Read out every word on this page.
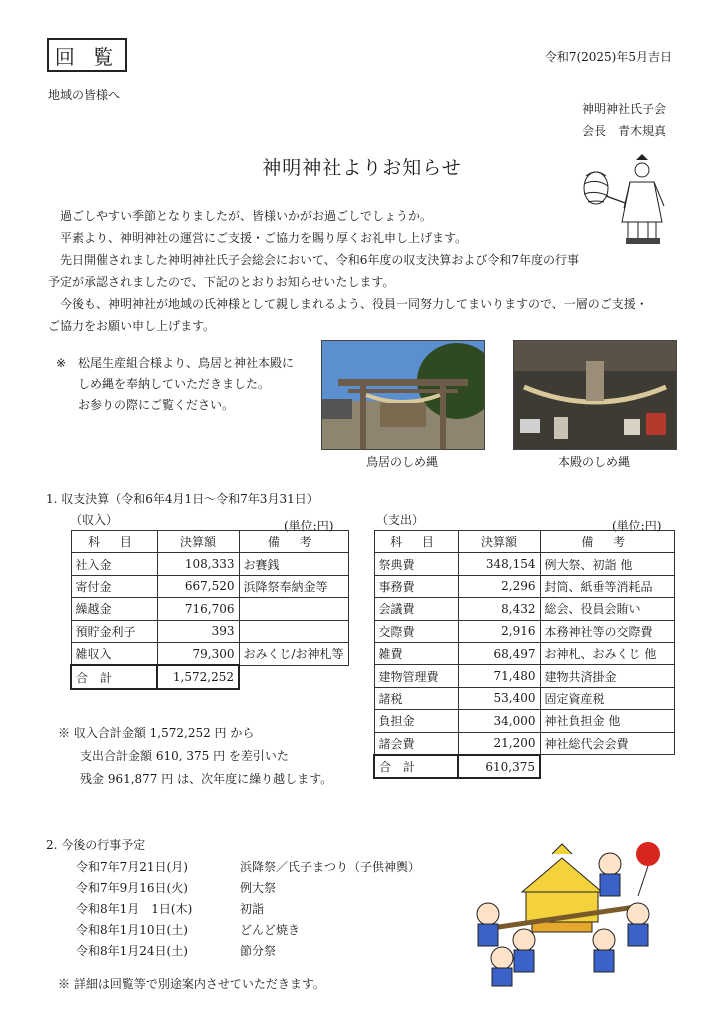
回 覧	令和7(2025)年5月吉日
地域の皆様へ
神明神社氏子会
会長　青木規真
神明神社よりお知らせ

　過ごしやすい季節となりましたが、皆様いかがお過ごしでしょうか。

　平素より、神明神社の運営にご支援・ご協力を賜り厚くお礼申し上げます。

　先日開催されました神明神社氏子会総会において、令和6年度の収支決算および令和7年度の行事

予定が承認されましたので、下記のとおりお知らせいたします。

　今後も、神明神社が地域の氏神様として親しまれるよう、役員一同努力してまいりますので、一層のご支援・

ご協力をお願い申し上げます。

※ 松尾生産組合様より、鳥居と神社本殿に
しめ縄を奉納していただきました。
お参りの際にご覧ください。
鳥居のしめ縄	本殿のしめ縄
1. 収支決算（令和6年4月1日～令和7年3月31日）
（収入）	(単位:円)
科 目	決算額	備 考
社入金	108,333	お賽銭
寄付金	667,520	浜降祭奉納金等
繰越金	716,706	
預貯金利子	393	
雑収入	79,300	おみくじ/お神札等
合　計	1,572,252	
（支出）	(単位:円)
科 目	決算額	備 考
祭典費	348,154	例大祭、初詣 他
事務費	2,296	封筒、紙垂等消耗品
会議費	8,432	総会、役員会賄い
交際費	2,916	本務神社等の交際費
雑費	68,497	お神札、おみくじ 他
建物管理費	71,480	建物共済掛金
諸税	53,400	固定資産税
負担金	34,000	神社負担金 他
諸会費	21,200	神社総代会会費
合　計	610,375	
※ 収入合計金額 1,572,252 円 から
支出合計金額 610, 375 円 を差引いた
残金 961,877 円 は、次年度に繰り越します。
2. 今後の行事予定
令和7年7月21日(月)	浜降祭／氏子まつり（子供神輿）
令和7年9月16日(火)	例大祭
令和8年1月　1日(木)	初詣
令和8年1月10日(土)	どんど焼き
令和8年1月24日(土)	節分祭
※ 詳細は回覧等で別途案内させていただきます。
